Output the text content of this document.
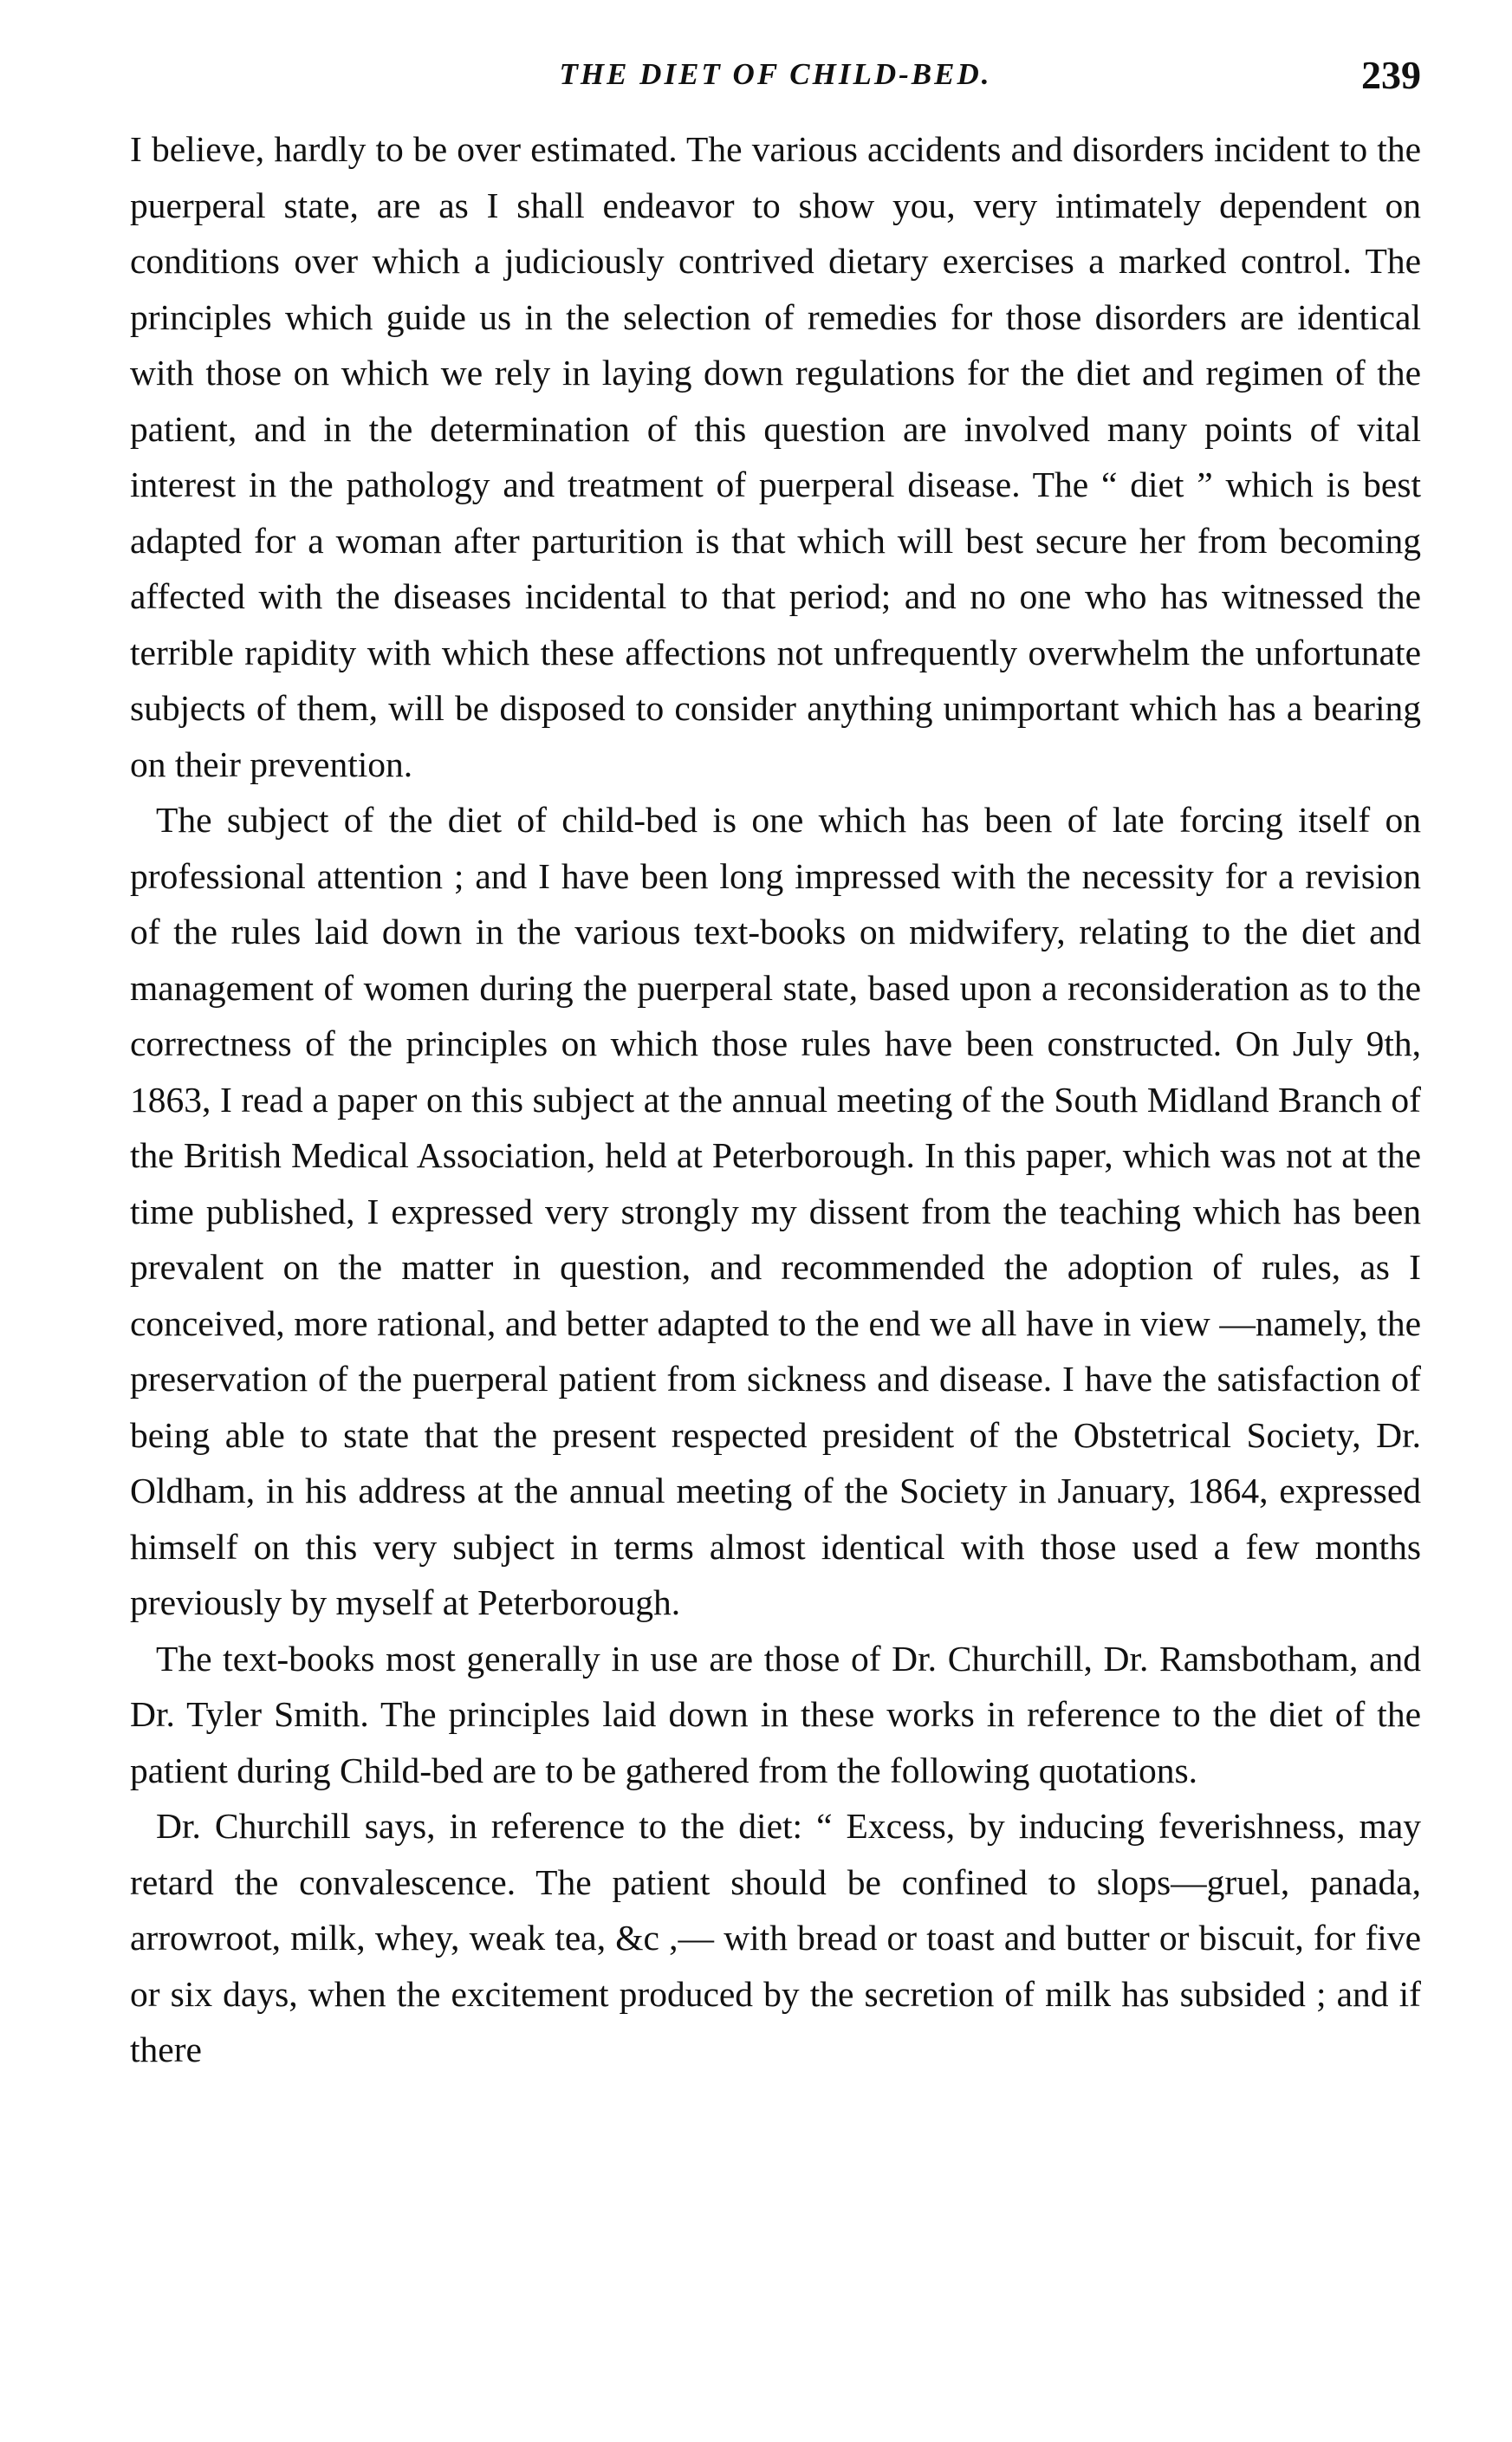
THE DIET OF CHILD-BED.	239

I believe, hardly to be over estimated. The various accidents and disorders incident to the puerperal state, are as I shall endeavor to show you, very intimately dependent on conditions over which a judiciously contrived dietary exercises a marked control. The principles which guide us in the selection of remedies for those disorders are identical with those on which we rely in laying down regulations for the diet and regimen of the patient, and in the determination of this question are involved many points of vital interest in the pathology and treatment of puerperal disease. The “ diet ” which is best adapted for a woman after parturition is that which will best secure her from becoming affected with the diseases incidental to that period; and no one who has witnessed the terrible rapidity with which these affections not unfrequently overwhelm the unfortunate subjects of them, will be disposed to consider anything unimportant which has a bearing on their prevention.

The subject of the diet of child-bed is one which has been of late forcing itself on professional attention ; and I have been long impressed with the necessity for a revision of the rules laid down in the various text-books on midwifery, relating to the diet and management of women during the puerperal state, based upon a reconsideration as to the correctness of the principles on which those rules have been constructed. On July 9th, 1863, I read a paper on this subject at the annual meeting of the South Midland Branch of the British Medical Association, held at Peterborough. In this paper, which was not at the time published, I expressed very strongly my dissent from the teaching which has been prevalent on the matter in question, and recommended the adoption of rules, as I conceived, more rational, and better adapted to the end we all have in view —namely, the preservation of the puerperal patient from sickness and disease. I have the satisfaction of being able to state that the present respected president of the Obstetrical Society, Dr. Oldham, in his address at the annual meeting of the Society in January, 1864, expressed himself on this very subject in terms almost identical with those used a few months previously by myself at Peterborough.

The text-books most generally in use are those of Dr. Churchill, Dr. Ramsbotham, and Dr. Tyler Smith. The principles laid down in these works in reference to the diet of the patient during Child-bed are to be gathered from the following quotations.

Dr. Churchill says, in reference to the diet: “ Excess, by inducing feverishness, may retard the convalescence. The patient should be confined to slops—gruel, panada, arrowroot, milk, whey, weak tea, &c ,— with bread or toast and butter or biscuit, for five or six days, when the excitement produced by the secretion of milk has subsided ; and if there
